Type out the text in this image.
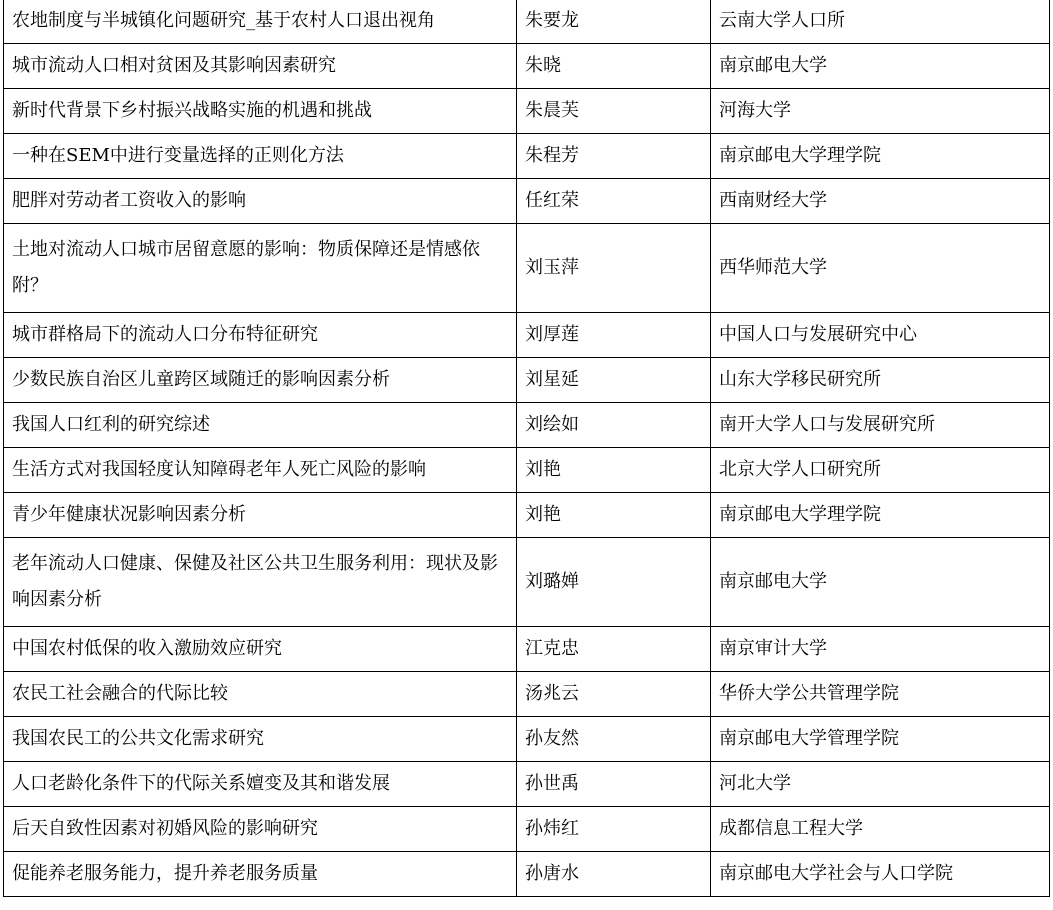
农地制度与半城镇化问题研究_基于农村人口退出视角	朱要龙	云南大学人口所
城市流动人口相对贫困及其影响因素研究	朱晓	南京邮电大学
新时代背景下乡村振兴战略实施的机遇和挑战	朱晨芙	河海大学
一种在SEM中进行变量选择的正则化方法	朱程芳	南京邮电大学理学院
肥胖对劳动者工资收入的影响	任红荣	西南财经大学
土地对流动人口城市居留意愿的影响：物质保障还是情感依附？	刘玉萍	西华师范大学
城市群格局下的流动人口分布特征研究	刘厚莲	中国人口与发展研究中心
少数民族自治区儿童跨区域随迁的影响因素分析	刘星延	山东大学移民研究所
我国人口红利的研究综述	刘绘如	南开大学人口与发展研究所
生活方式对我国轻度认知障碍老年人死亡风险的影响	刘艳	北京大学人口研究所
青少年健康状况影响因素分析	刘艳	南京邮电大学理学院
老年流动人口健康、保健及社区公共卫生服务利用：现状及影响因素分析	刘璐婵	南京邮电大学
中国农村低保的收入激励效应研究	江克忠	南京审计大学
农民工社会融合的代际比较	汤兆云	华侨大学公共管理学院
我国农民工的公共文化需求研究	孙友然	南京邮电大学管理学院
人口老龄化条件下的代际关系嬗变及其和谐发展	孙世禹	河北大学
后天自致性因素对初婚风险的影响研究	孙炜红	成都信息工程大学
促能养老服务能力，提升养老服务质量	孙唐水	南京邮电大学社会与人口学院
